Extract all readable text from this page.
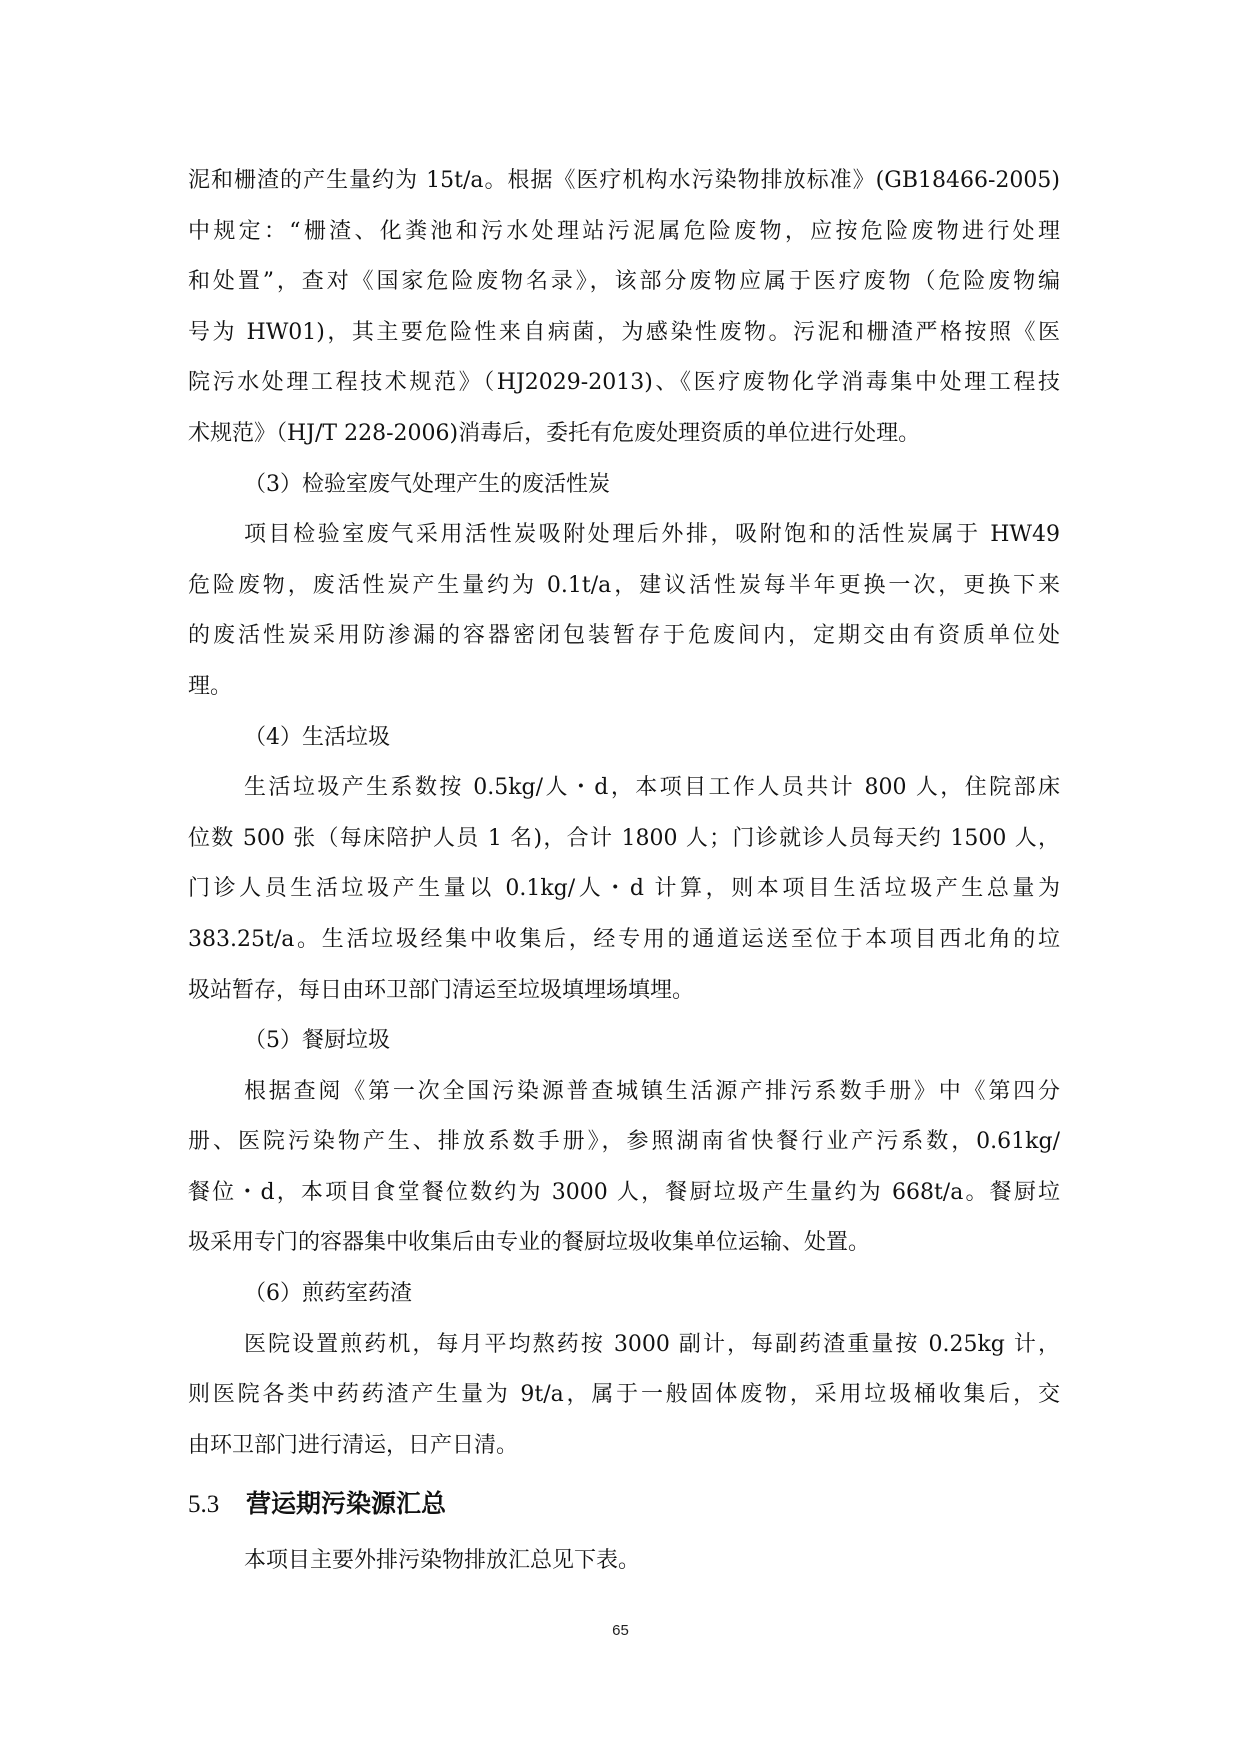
泥和栅渣的产生量约为 15t/a。根据《医疗机构水污染物排放标准》(GB18466-2005)
中规定：“栅渣、化粪池和污水处理站污泥属危险废物，应按危险废物进行处理
和处置”，查对《国家危险废物名录》，该部分废物应属于医疗废物（危险废物编
号为 HW01)，其主要危险性来自病菌，为感染性废物。污泥和栅渣严格按照《医
院污水处理工程技术规范》（HJ2029-2013)、《医疗废物化学消毒集中处理工程技
术规范》（HJ/T 228-2006)消毒后，委托有危废处理资质的单位进行处理。
（3）检验室废气处理产生的废活性炭
项目检验室废气采用活性炭吸附处理后外排，吸附饱和的活性炭属于 HW49
危险废物，废活性炭产生量约为 0.1t/a，建议活性炭每半年更换一次，更换下来
的废活性炭采用防渗漏的容器密闭包装暂存于危废间内，定期交由有资质单位处
理。
（4）生活垃圾
生活垃圾产生系数按 0.5kg/人・d，本项目工作人员共计 800 人，住院部床
位数 500 张（每床陪护人员 1 名)，合计 1800 人；门诊就诊人员每天约 1500 人，
门诊人员生活垃圾产生量以 0.1kg/人・d 计算，则本项目生活垃圾产生总量为
383.25t/a。生活垃圾经集中收集后，经专用的通道运送至位于本项目西北角的垃
圾站暂存，每日由环卫部门清运至垃圾填埋场填埋。
（5）餐厨垃圾
根据查阅《第一次全国污染源普查城镇生活源产排污系数手册》中《第四分
册、医院污染物产生、排放系数手册》，参照湖南省快餐行业产污系数，0.61kg/
餐位・d，本项目食堂餐位数约为 3000 人，餐厨垃圾产生量约为 668t/a。餐厨垃
圾采用专门的容器集中收集后由专业的餐厨垃圾收集单位运输、处置。
（6）煎药室药渣
医院设置煎药机，每月平均熬药按 3000 副计，每副药渣重量按 0.25kg 计，
则医院各类中药药渣产生量为 9t/a，属于一般固体废物，采用垃圾桶收集后，交
由环卫部门进行清运，日产日清。
5.3 营运期污染源汇总
本项目主要外排污染物排放汇总见下表。
65
